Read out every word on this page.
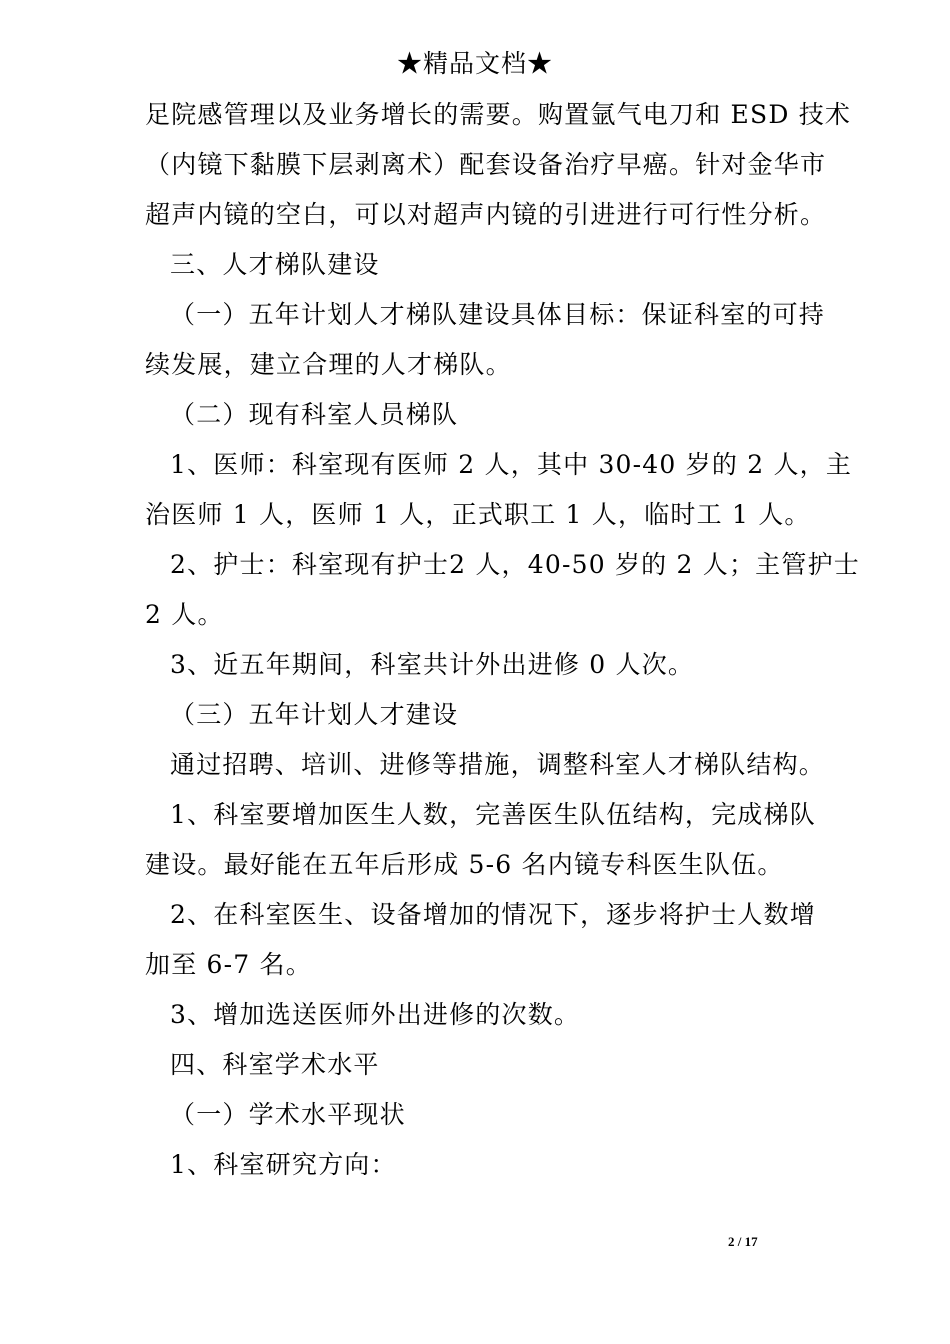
★精品文档★
足院感管理以及业务增长的需要。购置氩气电刀和 ESD 技术
（内镜下黏膜下层剥离术）配套设备治疗早癌。针对金华市
超声内镜的空白，可以对超声内镜的引进进行可行性分析。
三、人才梯队建设
（一）五年计划人才梯队建设具体目标：保证科室的可持
续发展，建立合理的人才梯队。
（二）现有科室人员梯队
1、医师：科室现有医师 2 人，其中 30-40 岁的 2 人，主
治医师 1 人，医师 1 人，正式职工 1 人，临时工 1 人。
2、护士：科室现有护士2 人，40-50 岁的 2 人；主管护士
2 人。
3、近五年期间，科室共计外出进修 0 人次。
（三）五年计划人才建设
通过招聘、培训、进修等措施，调整科室人才梯队结构。
1、科室要增加医生人数，完善医生队伍结构，完成梯队
建设。最好能在五年后形成 5-6 名内镜专科医生队伍。
2、在科室医生、设备增加的情况下，逐步将护士人数增
加至 6-7 名。
3、增加选送医师外出进修的次数。
四、科室学术水平
（一）学术水平现状
1、科室研究方向：
2 / 17
